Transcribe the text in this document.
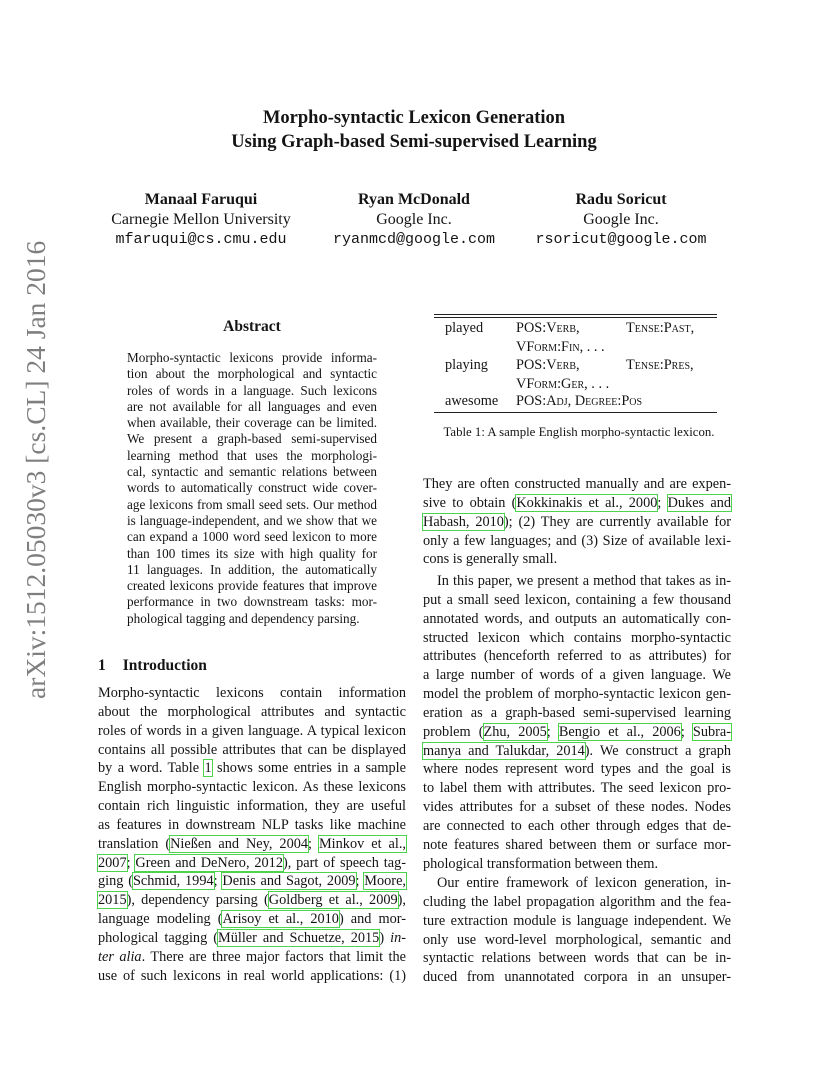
arXiv:1512.05030v3 [cs.CL] 24 Jan 2016
Morpho-syntactic Lexicon Generation
Using Graph-based Semi-supervised Learning
Manaal Faruqui
Carnegie Mellon University
mfaruqui@cs.cmu.edu
Ryan McDonald
Google Inc.
ryanmcd@google.com
Radu Soricut
Google Inc.
rsoricut@google.com
Abstract
Morpho-syntactic lexicons provide informa-
tion about the morphological and syntactic
roles of words in a language. Such lexicons
are not available for all languages and even
when available, their coverage can be limited.
We present a graph-based semi-supervised
learning method that uses the morphologi-
cal, syntactic and semantic relations between
words to automatically construct wide cover-
age lexicons from small seed sets. Our method
is language-independent, and we show that we
can expand a 1000 word seed lexicon to more
than 100 times its size with high quality for
11 languages. In addition, the automatically
created lexicons provide features that improve
performance in two downstream tasks: mor-
phological tagging and dependency parsing.
1 Introduction
Morpho-syntactic lexicons contain information
about the morphological attributes and syntactic
roles of words in a given language. A typical lexicon
contains all possible attributes that can be displayed
by a word. Table 1 shows some entries in a sample
English morpho-syntactic lexicon. As these lexicons
contain rich linguistic information, they are useful
as features in downstream NLP tasks like machine
translation (Nießen and Ney, 2004; Minkov et al.,
2007; Green and DeNero, 2012), part of speech tag-
ging (Schmid, 1994; Denis and Sagot, 2009; Moore,
2015), dependency parsing (Goldberg et al., 2009),
language modeling (Arisoy et al., 2010) and mor-
phological tagging (Müller and Schuetze, 2015) in-
ter alia. There are three major factors that limit the
use of such lexicons in real world applications: (1)
played POS:Verb,	Tense:Past,
VForm:Fin, . . .
playing POS:Verb,	Tense:Pres,
VForm:Ger, . . .
awesome POS:Adj, Degree:Pos
Table 1: A sample English morpho-syntactic lexicon.
They are often constructed manually and are expen-
sive to obtain (Kokkinakis et al., 2000; Dukes and
Habash, 2010); (2) They are currently available for
only a few languages; and (3) Size of available lexi-
cons is generally small.
In this paper, we present a method that takes as in-
put a small seed lexicon, containing a few thousand
annotated words, and outputs an automatically con-
structed lexicon which contains morpho-syntactic
attributes (henceforth referred to as attributes) for
a large number of words of a given language. We
model the problem of morpho-syntactic lexicon gen-
eration as a graph-based semi-supervised learning
problem (Zhu, 2005; Bengio et al., 2006; Subra-
manya and Talukdar, 2014). We construct a graph
where nodes represent word types and the goal is
to label them with attributes. The seed lexicon pro-
vides attributes for a subset of these nodes. Nodes
are connected to each other through edges that de-
note features shared between them or surface mor-
phological transformation between them.
Our entire framework of lexicon generation, in-
cluding the label propagation algorithm and the fea-
ture extraction module is language independent. We
only use word-level morphological, semantic and
syntactic relations between words that can be in-
duced from unannotated corpora in an unsuper-
